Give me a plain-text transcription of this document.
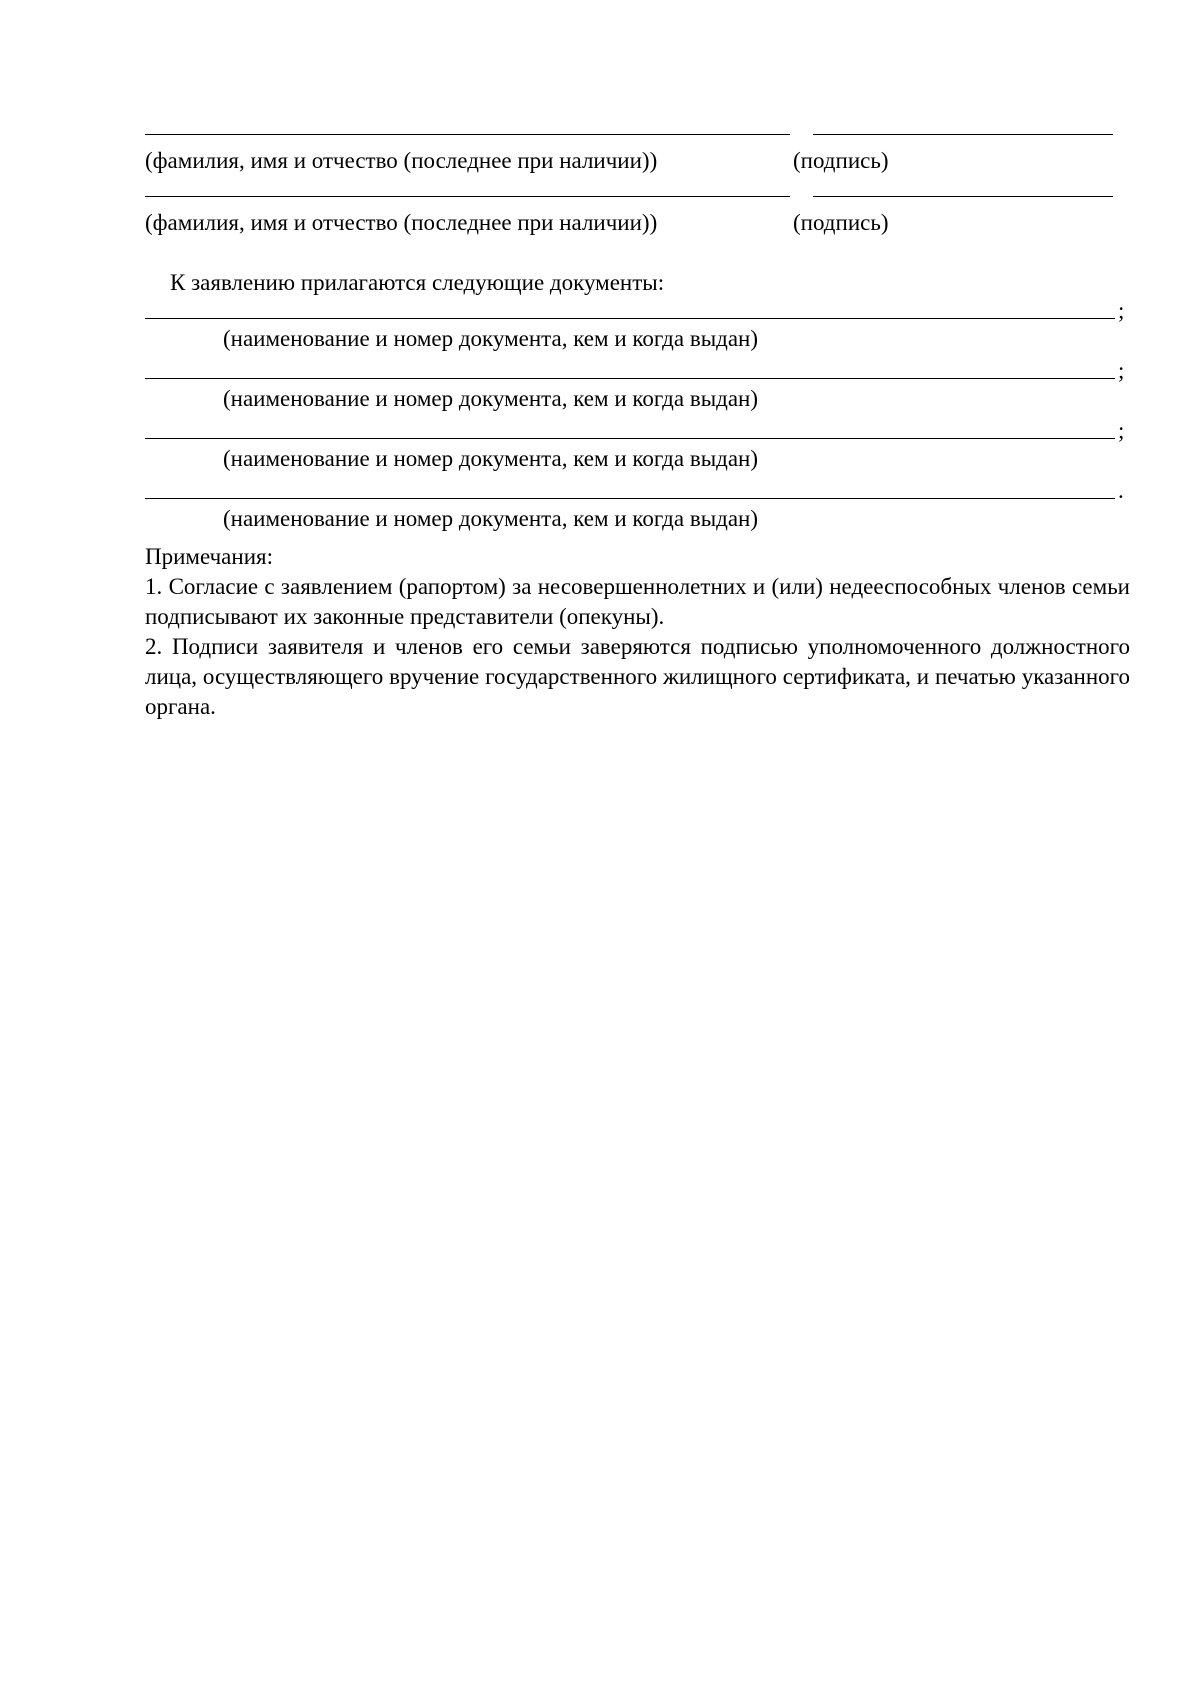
(фамилия, имя и отчество (последнее при наличии))	(подпись)
(фамилия, имя и отчество (последнее при наличии))	(подпись)
К заявлению прилагаются следующие документы:
;
(наименование и номер документа, кем и когда выдан)
;
(наименование и номер документа, кем и когда выдан)
;
(наименование и номер документа, кем и когда выдан)
.
(наименование и номер документа, кем и когда выдан)

Примечания:

1. Согласие с заявлением (рапортом) за несовершеннолетних и (или) недееспособных членов семьи подписывают их законные представители (опекуны).

2. Подписи заявителя и членов его семьи заверяются подписью уполномоченного должностного лица, осуществляющего вручение государственного жилищного сертификата, и печатью указанного органа.
